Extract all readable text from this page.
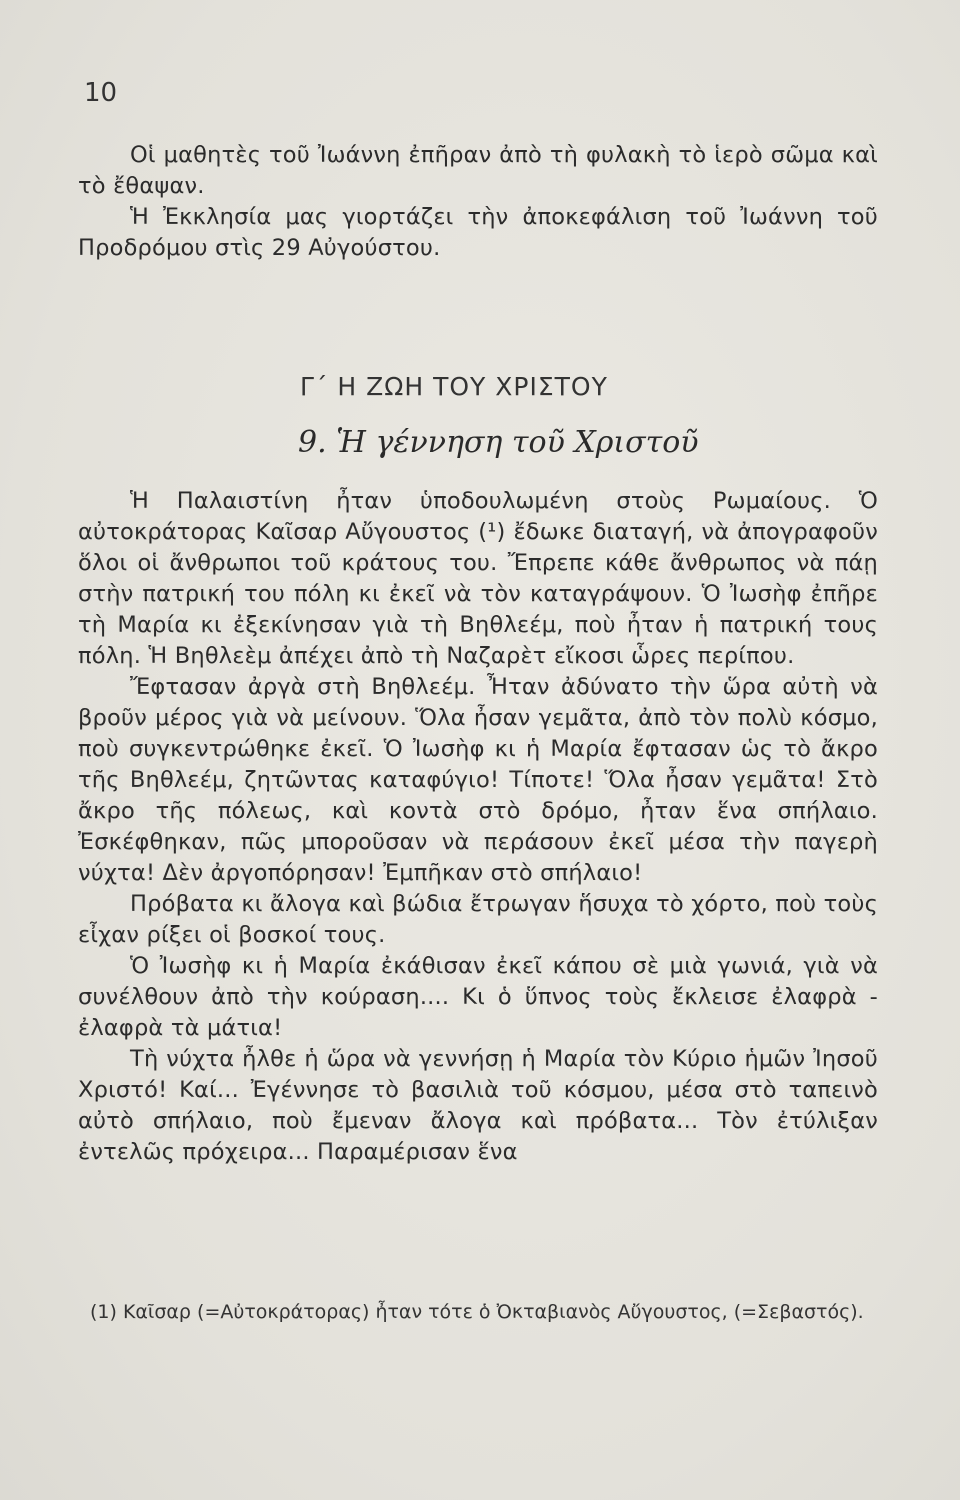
10

Οἱ μαθητὲς τοῦ Ἰωάννη ἐπῆραν ἀπὸ τὴ φυλακὴ τὸ ἱερὸ σῶμα καὶ τὸ ἔθαψαν.

Ἡ Ἐκκλησία μας γιορτάζει τὴν ἀποκεφάλιση τοῦ Ἰωάννη τοῦ Προδρόμου στὶς 29 Αὐγούστου.

Γ΄ Η ΖΩΗ ΤΟΥ ΧΡΙΣΤΟΥ
9. Ἡ γέννηση τοῦ Χριστοῦ

Ἡ Παλαιστίνη ἦταν ὑποδουλωμένη στοὺς Ρωμαίους. Ὁ αὐτοκράτορας Καῖσαρ Αὔγουστος (¹) ἔδωκε διαταγή, νὰ ἀπογραφοῦν ὅλοι οἱ ἄνθρωποι τοῦ κράτους του. Ἔπρεπε κάθε ἄνθρωπος νὰ πάῃ στὴν πατρική του πόλη κι ἐκεῖ νὰ τὸν καταγράψουν. Ὁ Ἰωσὴφ ἐπῆρε τὴ Μαρία κι ἐξεκίνησαν γιὰ τὴ Βηθλεέμ, ποὺ ἦταν ἡ πατρική τους πόλη. Ἡ Βηθλεὲμ ἀπέχει ἀπὸ τὴ Ναζαρὲτ εἴκοσι ὧρες περίπου.

Ἔφτασαν ἀργὰ στὴ Βηθλεέμ. Ἦταν ἀδύνατο τὴν ὥρα αὐτὴ νὰ βροῦν μέρος γιὰ νὰ μείνουν. Ὅλα ἦσαν γεμᾶτα, ἀπὸ τὸν πολὺ κόσμο, ποὺ συγκεντρώθηκε ἐκεῖ. Ὁ Ἰωσὴφ κι ἡ Μαρία ἔφτασαν ὡς τὸ ἄκρο τῆς Βηθλεέμ, ζητῶντας καταφύγιο! Τίποτε! Ὅλα ἦσαν γεμᾶτα! Στὸ ἄκρο τῆς πόλεως, καὶ κοντὰ στὸ δρόμο, ἦταν ἕνα σπήλαιο. Ἐσκέφθηκαν, πῶς μποροῦσαν νὰ περάσουν ἐκεῖ μέσα τὴν παγερὴ νύχτα! Δὲν ἀργοπόρησαν! Ἐμπῆκαν στὸ σπήλαιο!

Πρόβατα κι ἄλογα καὶ βώδια ἔτρωγαν ἥσυχα τὸ χόρτο, ποὺ τοὺς εἶχαν ρίξει οἱ βοσκοί τους.

Ὁ Ἰωσὴφ κι ἡ Μαρία ἐκάθισαν ἐκεῖ κάπου σὲ μιὰ γωνιά, γιὰ νὰ συνέλθουν ἀπὸ τὴν κούραση.... Κι ὁ ὕπνος τοὺς ἔκλεισε ἐλαφρὰ - ἐλαφρὰ τὰ μάτια!

Τὴ νύχτα ἦλθε ἡ ὥρα νὰ γεννήσῃ ἡ Μαρία τὸν Κύριο ἡμῶν Ἰησοῦ Χριστό! Καί... Ἐγέννησε τὸ βασιλιὰ τοῦ κόσμου, μέσα στὸ ταπεινὸ αὐτὸ σπήλαιο, ποὺ ἔμεναν ἄλογα καὶ πρόβατα... Τὸν ἐτύλιξαν ἐντελῶς πρόχειρα... Παραμέρισαν ἕνα

(1) Καῖσαρ (=Αὐτοκράτορας) ἦταν τότε ὁ Ὀκταβιανὸς Αὔγουστος, (=Σεβαστός).
